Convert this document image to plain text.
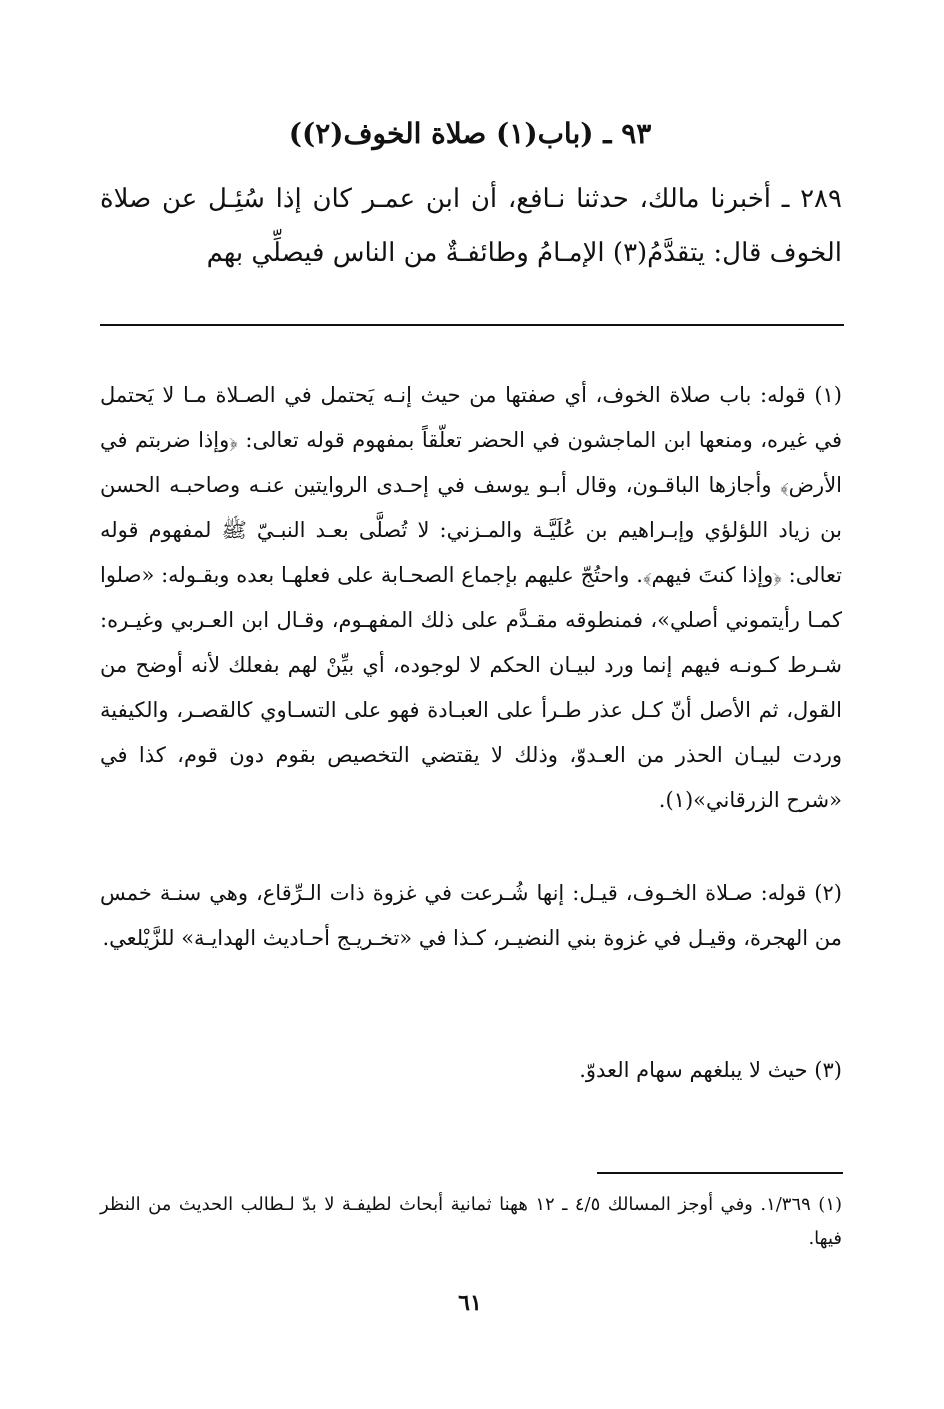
٩٣ ـ (باب(١) صلاة الخوف(٢))

٢٨٩ ـ أخبرنا مالك، حدثنا نـافع، أن ابن عمـر كان إذا سُئِـل عن صلاة الخوف قال: يتقدَّمُ(٣) الإمـامُ وطائفـةٌ من الناس فيصلِّي بهم

(١) قوله: باب صلاة الخوف، أي صفتها من حيث إنـه يَحتمل في الصـلاة مـا لا يَحتمل في غيره، ومنعها ابن الماجشون في الحضر تعلّقاً بمفهوم قوله تعالى: ﴿وإذا ضربتم في الأرض﴾ وأجازها الباقـون، وقال أبـو يوسف في إحـدى الروايتين عنـه وصاحبـه الحسن بن زياد اللؤلؤي وإبـراهيم بن عُلَيَّـة والمـزني: لا تُصلَّى بعـد النبـيّ ﷺ لمفهوم قوله تعالى: ﴿وإذا كنتَ فيهم﴾. واحتُجّ عليهم بإجماع الصحـابة على فعلهـا بعده وبقـوله: «صلوا كمـا رأيتموني أصلي»، فمنطوقه مقـدَّم على ذلك المفهـوم، وقـال ابن العـربي وغيـره: شـرط كـونـه فيهم إنما ورد لبيـان الحكم لا لوجوده، أي بيِّنْ لهم بفعلك لأنه أوضح من القول، ثم الأصل أنّ كـل عذر طـرأ على العبـادة فهو على التسـاوي كالقصـر، والكيفية وردت لبيـان الحذر من العـدوّ، وذلك لا يقتضي التخصيص بقوم دون قوم، كذا في «شرح الزرقاني»(١).

(٢) قوله: صـلاة الخـوف، قيـل: إنها شُـرعت في غزوة ذات الـرِّقاع، وهي سنـة خمس من الهجرة، وقيـل في غزوة بني النضيـر، كـذا في «تخـريـج أحـاديث الهدايـة» للزَّيْلعي.

(٣) حيث لا يبلغهم سهام العدوّ.

(١) ١/٣٦٩. وفي أوجز المسالك ٤/٥ ـ ١٢ ههنا ثمانية أبحاث لطيفـة لا بدّ لـطالب الحديث من النظر فيها.

٦١
